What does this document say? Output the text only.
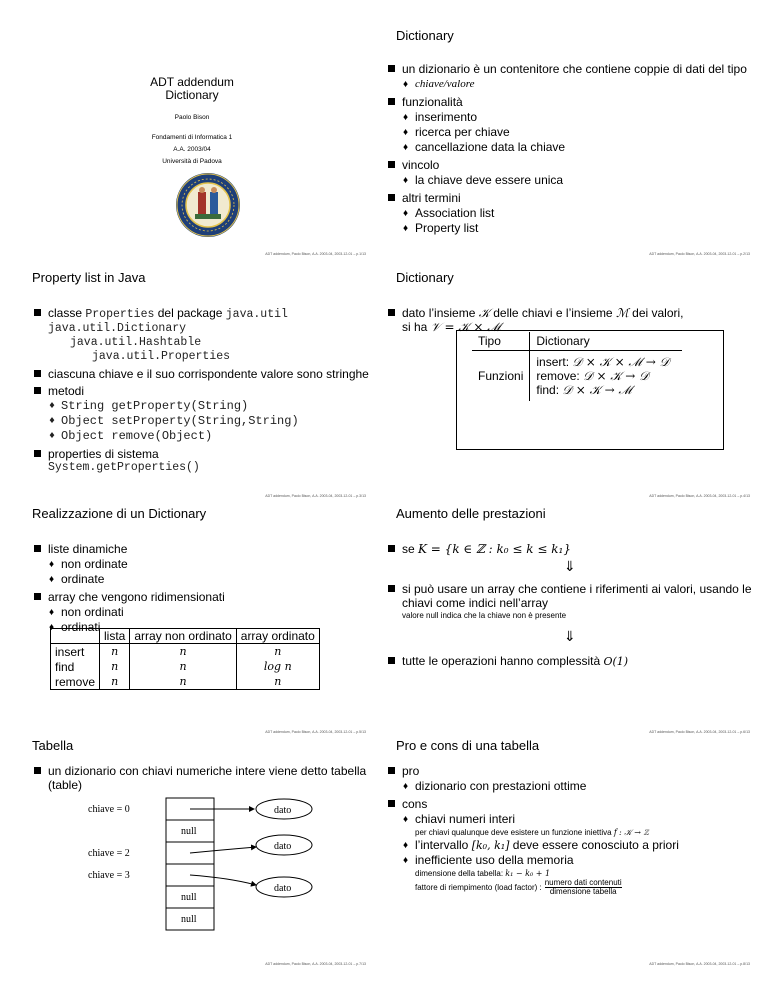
ADT addendum
Dictionary
Paolo Bison
Fondamenti di Informatica 1
A.A. 2003/04
Università di Padova
ADT addendum, Paolo Bison, A.A. 2003-04, 2003-12-01 – p.1/13
Dictionary
un dizionario è un contenitore che contiene coppie di dati del tipo
♦ chiave/valore
funzionalità
♦ inserimento
♦ ricerca per chiave
♦ cancellazione data la chiave
vincolo
♦ la chiave deve essere unica
altri termini
♦ Association list
♦ Property list
ADT addendum, Paolo Bison, A.A. 2003-04, 2003-12-01 – p.2/13
Property list in Java
classe Properties del package java.util
java.util.Dictionary
java.util.Hashtable
java.util.Properties
ciascuna chiave e il suo corrispondente valore sono stringhe
metodi
♦ String getProperty(String)
♦ Object setProperty(String,String)
♦ Object remove(Object)
properties di sistema
System.getProperties()
ADT addendum, Paolo Bison, A.A. 2003-04, 2003-12-01 – p.3/13
Dictionary
dato l’insieme 𝒦 delle chiavi e l’insieme ℳ dei valori,
si ha 𝒱 = 𝒦 × ℳ
Tipo	Dictionary
Funzioni	insert: 𝒟 × 𝒦 × ℳ → 𝒟
remove: 𝒟 × 𝒦 → 𝒟
find: 𝒟 × 𝒦 → ℳ
ADT addendum, Paolo Bison, A.A. 2003-04, 2003-12-01 – p.4/13
Realizzazione di un Dictionary
liste dinamiche
♦ non ordinate
♦ ordinate
array che vengono ridimensionati
♦ non ordinati
♦ ordinati
	lista	array non ordinato	array ordinato
insert	n	n	n
find	n	n	log n
remove	n	n	n
ADT addendum, Paolo Bison, A.A. 2003-04, 2003-12-01 – p.5/13
Aumento delle prestazioni
se K = {k ∈ ℤ : k₀ ≤ k ≤ k₁}
⇓
si può usare un array che contiene i riferimenti ai valori, usando le chiavi come indici nell’array
valore null indica che la chiave non è presente
⇓
tutte le operazioni hanno complessità O(1)
ADT addendum, Paolo Bison, A.A. 2003-04, 2003-12-01 – p.6/13
Tabella
un dizionario con chiavi numeriche intere viene detto tabella (table)
chiave = 0
chiave = 2
chiave = 3
null
null
null
dato
dato
dato
ADT addendum, Paolo Bison, A.A. 2003-04, 2003-12-01 – p.7/13
Pro e cons di una tabella
pro
♦ dizionario con prestazioni ottime
cons
♦ chiavi numeri interi
per chiavi qualunque deve esistere un funzione iniettiva f : 𝒦 → ℤ
♦ l’intervallo [k₀, k₁] deve essere conosciuto a priori
♦ inefficiente uso della memoria
dimensione della tabella: k₁ − k₀ + 1
fattore di riempimento (load factor) :
numero dati contenuti
dimensione tabella
ADT addendum, Paolo Bison, A.A. 2003-04, 2003-12-01 – p.8/13
